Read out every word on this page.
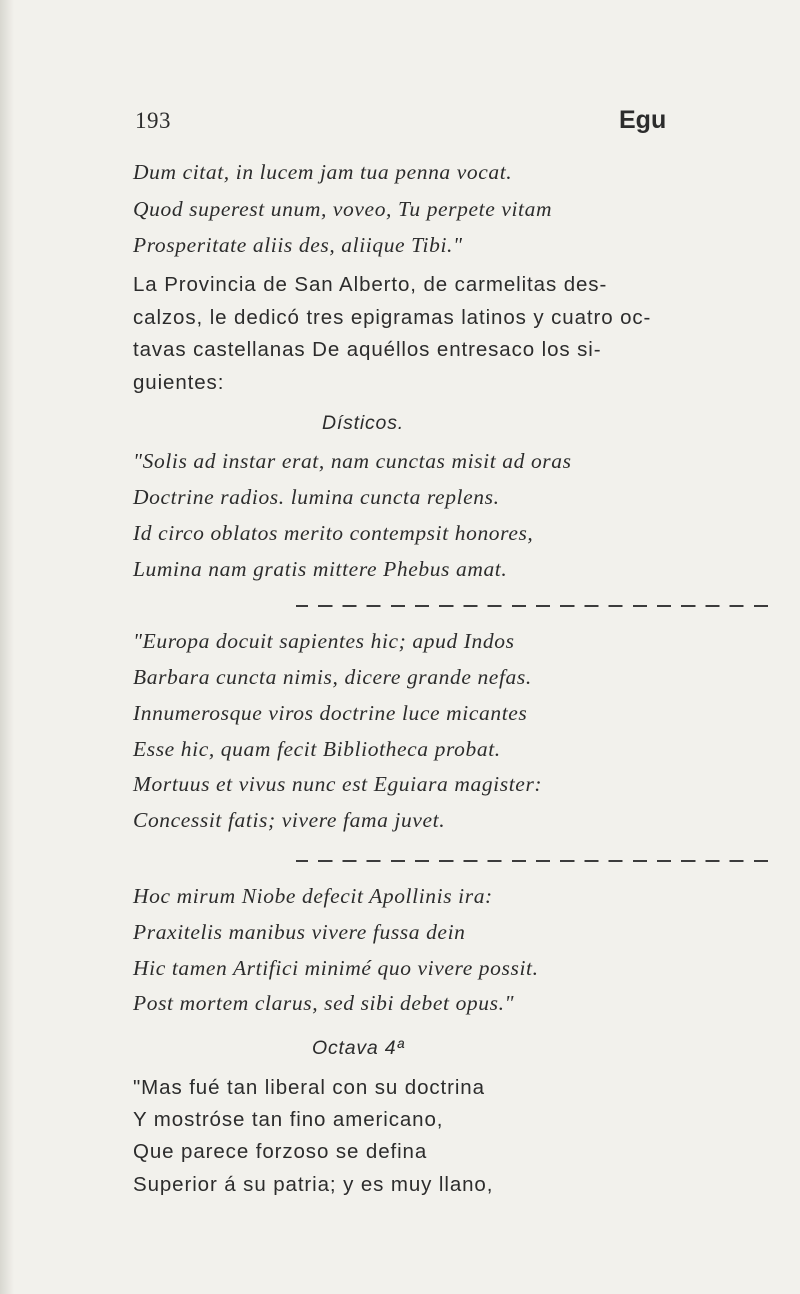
193	Egu
Dum citat, in lucem jam tua penna vocat.
Quod superest unum, voveo, Tu perpete vitam
Prosperitate aliis des, aliique Tibi."
La Provincia de San Alberto, de carmelitas des-
calzos, le dedicó tres epigramas latinos y cuatro oc-
tavas castellanas De aquéllos entresaco los si-
guientes:
Dísticos.
"Solis ad instar erat, nam cunctas misit ad oras
Doctrine radios. lumina cuncta replens.
Id circo oblatos merito contempsit honores,
Lumina nam gratis mittere Phebus amat.
"Europa docuit sapientes hic; apud Indos
Barbara cuncta nimis, dicere grande nefas.
Innumerosque viros doctrine luce micantes
Esse hic, quam fecit Bibliotheca probat.
Mortuus et vivus nunc est Eguiara magister:
Concessit fatis; vivere fama juvet.
Hoc mirum Niobe defecit Apollinis ira:
Praxitelis manibus vivere fussa dein
Hic tamen Artifici minimé quo vivere possit.
Post mortem clarus, sed sibi debet opus."
Octava 4ª
"Mas fué tan liberal con su doctrina
Y mostróse tan fino americano,
Que parece forzoso se defina
Superior á su patria; y es muy llano,
